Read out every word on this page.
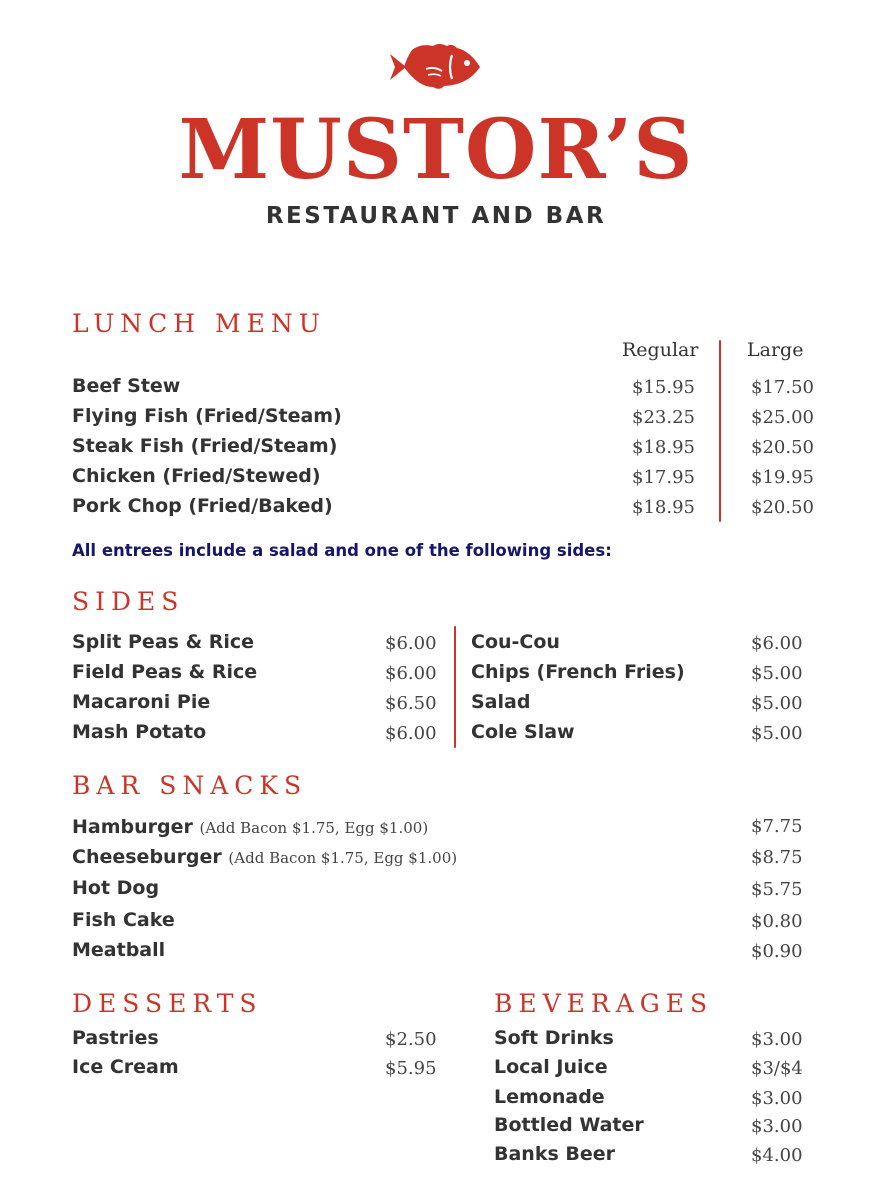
MUSTOR’S
RESTAURANT AND BAR
LUNCH MENU
Regular	Large
Beef Stew	$15.95	$17.50
Flying Fish (Fried/Steam)	$23.25	$25.00
Steak Fish (Fried/Steam)	$18.95	$20.50
Chicken (Fried/Stewed)	$17.95	$19.95
Pork Chop (Fried/Baked)	$18.95	$20.50
All entrees include a salad and one of the following sides:
SIDES
Split Peas & Rice	$6.00
Field Peas & Rice	$6.00
Macaroni Pie	$6.50
Mash Potato	$6.00
Cou-Cou	$6.00
Chips (French Fries)	$5.00
Salad	$5.00
Cole Slaw	$5.00
BAR SNACKS
Hamburger (Add Bacon $1.75, Egg $1.00)	$7.75
Cheeseburger (Add Bacon $1.75, Egg $1.00)	$8.75
Hot Dog	$5.75
Fish Cake	$0.80
Meatball	$0.90
DESSERTS
Pastries	$2.50
Ice Cream	$5.95
BEVERAGES
Soft Drinks	$3.00
Local Juice	$3/$4
Lemonade	$3.00
Bottled Water	$3.00
Banks Beer	$4.00
